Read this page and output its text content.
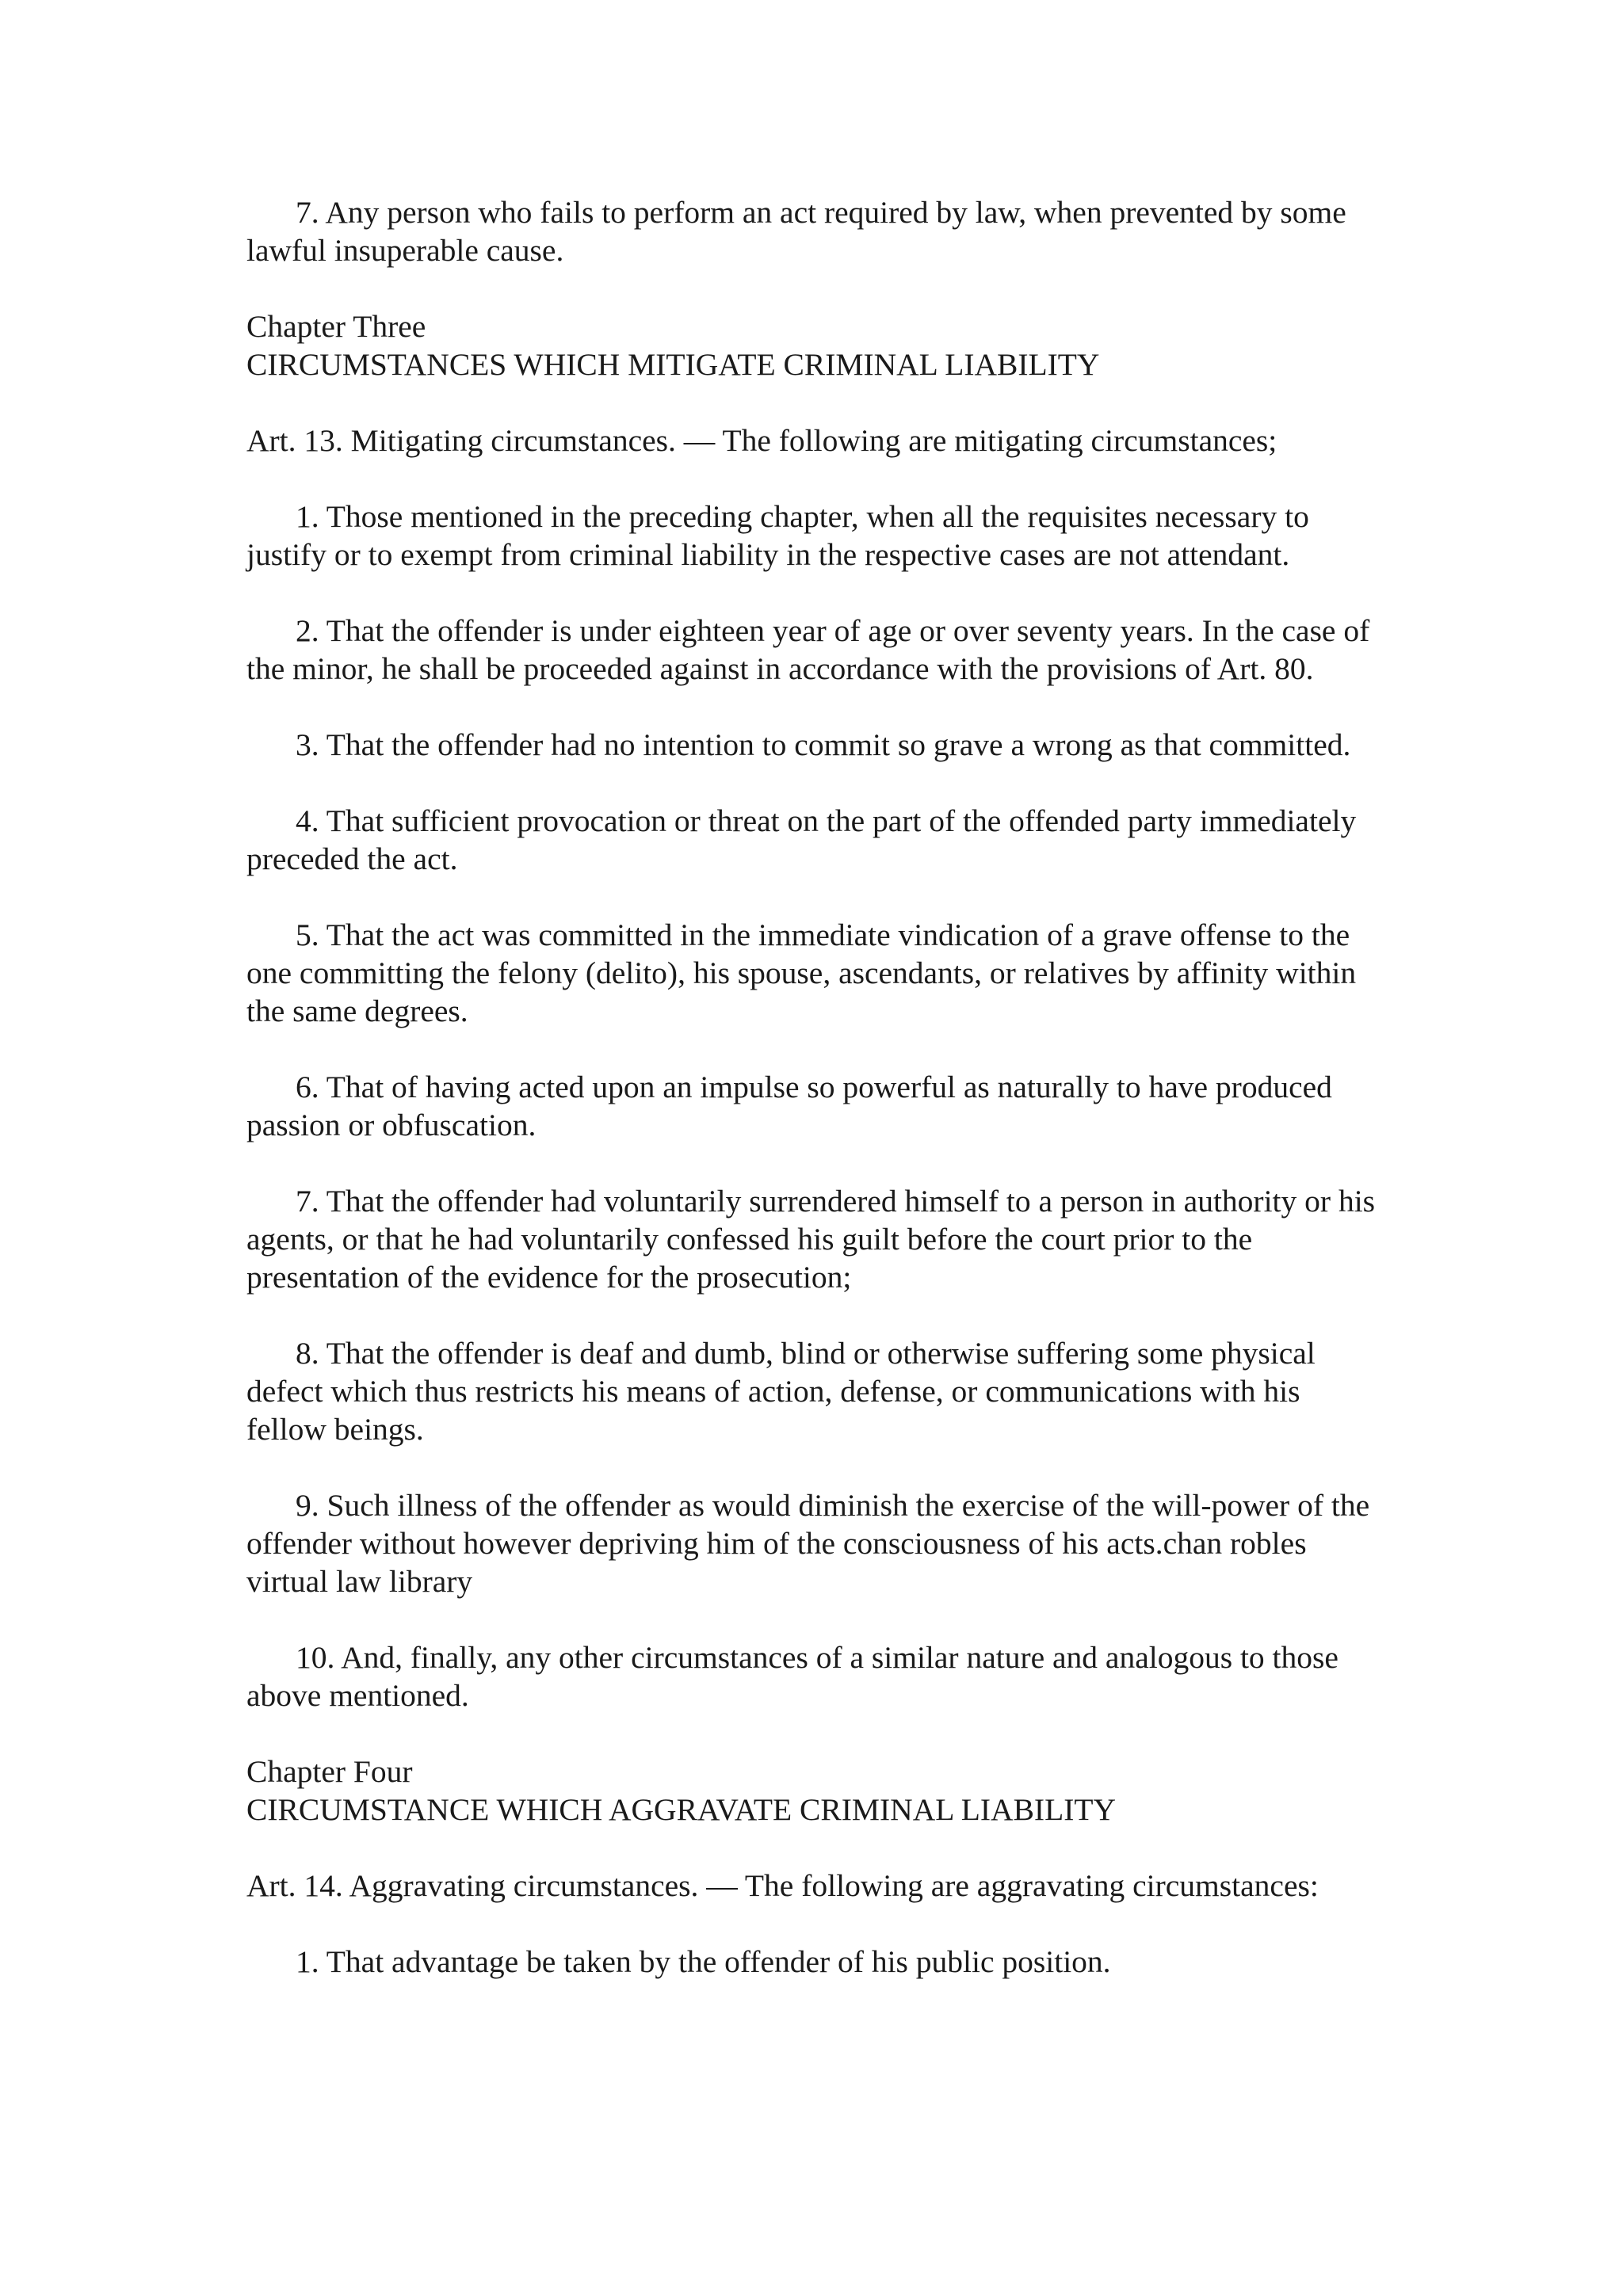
7. Any person who fails to perform an act required by law, when prevented by some lawful insuperable cause.

Chapter Three
CIRCUMSTANCES WHICH MITIGATE CRIMINAL LIABILITY

Art. 13. Mitigating circumstances. — The following are mitigating circumstances;

1. Those mentioned in the preceding chapter, when all the requisites necessary to justify or to exempt from criminal liability in the respective cases are not attendant.

2. That the offender is under eighteen year of age or over seventy years. In the case of the minor, he shall be proceeded against in accordance with the provisions of Art. 80.

3. That the offender had no intention to commit so grave a wrong as that committed.

4. That sufficient provocation or threat on the part of the offended party immediately preceded the act.

5. That the act was committed in the immediate vindication of a grave offense to the one committing the felony (delito), his spouse, ascendants, or relatives by affinity within the same degrees.

6. That of having acted upon an impulse so powerful as naturally to have produced passion or obfuscation.

7. That the offender had voluntarily surrendered himself to a person in authority or his agents, or that he had voluntarily confessed his guilt before the court prior to the presentation of the evidence for the prosecution;

8. That the offender is deaf and dumb, blind or otherwise suffering some physical defect which thus restricts his means of action, defense, or communications with his fellow beings.

9. Such illness of the offender as would diminish the exercise of the will-power of the offender without however depriving him of the consciousness of his acts.chan robles virtual law library

10. And, finally, any other circumstances of a similar nature and analogous to those above mentioned.

Chapter Four
CIRCUMSTANCE WHICH AGGRAVATE CRIMINAL LIABILITY

Art. 14. Aggravating circumstances. — The following are aggravating circumstances:

1. That advantage be taken by the offender of his public position.
